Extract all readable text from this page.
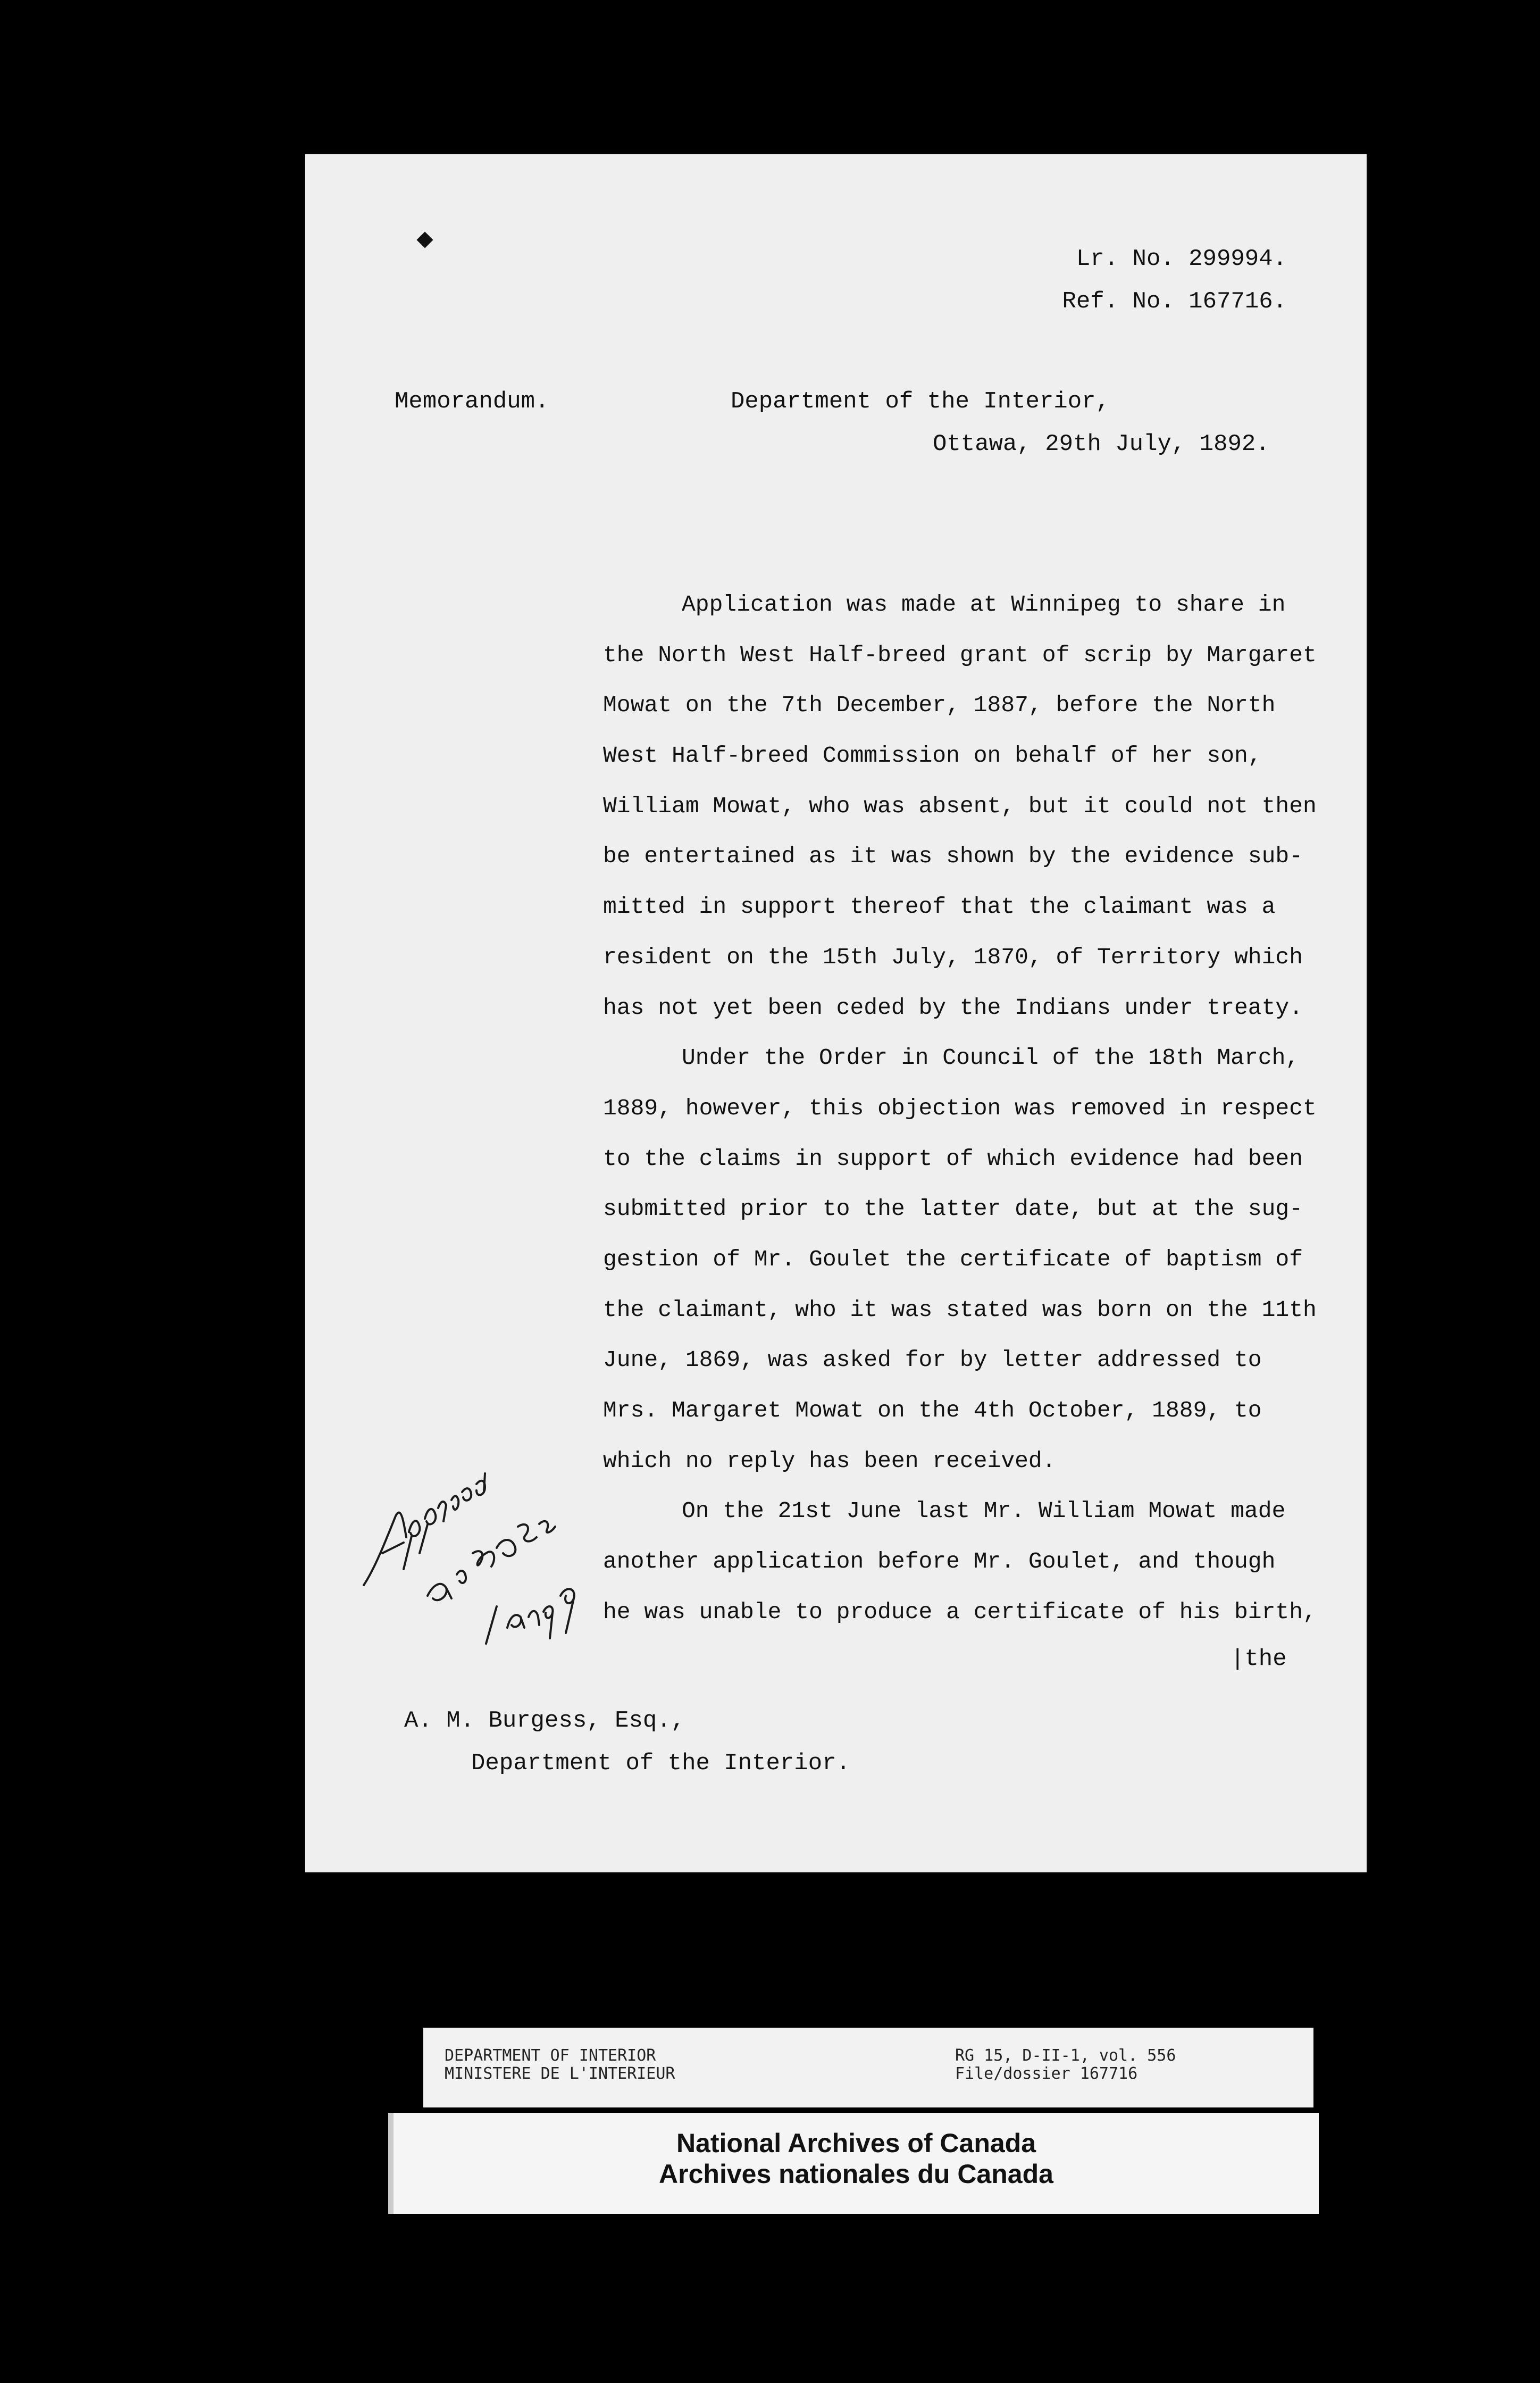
Lr. No. 299994.
Ref. No. 167716.
Memorandum.	Department of the Interior,
Ottawa, 29th July, 1892.
Application was made at Winnipeg to share in
the North West Half-breed grant of scrip by Margaret
Mowat on the 7th December, 1887, before the North
West Half-breed Commission on behalf of her son,
William Mowat, who was absent, but it could not then
be entertained as it was shown by the evidence sub-
mitted in support thereof that the claimant was a
resident on the 15th July, 1870, of Territory which
has not yet been ceded by the Indians under treaty.
Under the Order in Council of the 18th March,
1889, however, this objection was removed in respect
to the claims in support of which evidence had been
submitted prior to the latter date, but at the sug-
gestion of Mr. Goulet the certificate of baptism of
the claimant, who it was stated was born on the 11th
June, 1869, was asked for by letter addressed to
Mrs. Margaret Mowat on the 4th October, 1889, to
which no reply has been received.
On the 21st June last Mr. William Mowat made
another application before Mr. Goulet, and though
he was unable to produce a certificate of his birth,
|the
A. M. Burgess, Esq.,
Department of the Interior.
DEPARTMENT OF INTERIOR
MINISTERE DE L'INTERIEUR
RG 15, D-II-1, vol. 556
File/dossier 167716
National Archives of Canada
Archives nationales du Canada
